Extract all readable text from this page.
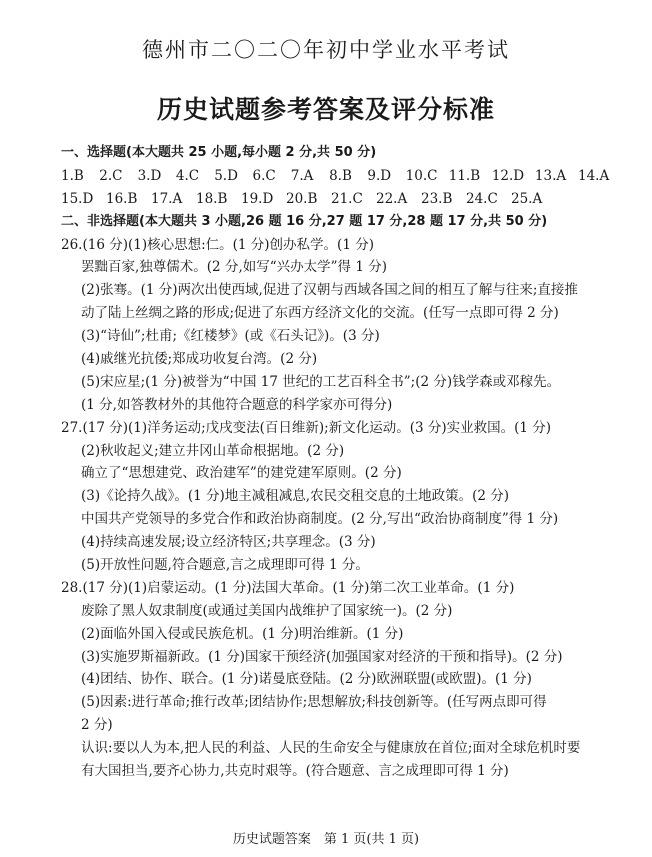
德州市二〇二〇年初中学业水平考试
历史试题参考答案及评分标准
一、选择题(本大题共 25 小题,每小题 2 分,共 50 分)
1.B	2.C	3.D	4.C	5.D	6.C	7.A	8.B	9.D	10.C 11.B 12.D 13.A 14.A
15.D 16.B	17.A	18.B	19.D 20.B	21.C 22.A	23.B	24.C 25.A
二、非选择题(本大题共 3 小题,26 题 16 分,27 题 17 分,28 题 17 分,共 50 分)
26.(16 分)(1)核心思想:仁。(1 分)创办私学。(1 分)
罢黜百家,独尊儒术。(2 分,如写“兴办太学”得 1 分)
(2)张骞。(1 分)两次出使西域,促进了汉朝与西域各国之间的相互了解与往来;直接推
动了陆上丝绸之路的形成;促进了东西方经济文化的交流。(任写一点即可得 2 分)
(3)“诗仙”;杜甫;《红楼梦》(或《石头记》)。(3 分)
(4)戚继光抗倭;郑成功收复台湾。(2 分)
(5)宋应星;(1 分)被誉为“中国 17 世纪的工艺百科全书”;(2 分)钱学森或邓稼先。
(1 分,如答教材外的其他符合题意的科学家亦可得分)
27.(17 分)(1)洋务运动;戊戌变法(百日维新);新文化运动。(3 分)实业救国。(1 分)
(2)秋收起义;建立井冈山革命根据地。(2 分)
确立了“思想建党、政治建军”的建党建军原则。(2 分)
(3)《论持久战》。(1 分)地主减租减息,农民交租交息的土地政策。(2 分)
中国共产党领导的多党合作和政治协商制度。(2 分,写出“政治协商制度”得 1 分)
(4)持续高速发展;设立经济特区;共享理念。(3 分)
(5)开放性问题,符合题意,言之成理即可得 1 分。
28.(17 分)(1)启蒙运动。(1 分)法国大革命。(1 分)第二次工业革命。(1 分)
废除了黑人奴隶制度(或通过美国内战维护了国家统一)。(2 分)
(2)面临外国入侵或民族危机。(1 分)明治维新。(1 分)
(3)实施罗斯福新政。(1 分)国家干预经济(加强国家对经济的干预和指导)。(2 分)
(4)团结、协作、联合。(1 分)诺曼底登陆。(2 分)欧洲联盟(或欧盟)。(1 分)
(5)因素:进行革命;推行改革;团结协作;思想解放;科技创新等。(任写两点即可得
2 分)
认识:要以人为本,把人民的利益、人民的生命安全与健康放在首位;面对全球危机时要
有大国担当,要齐心协力,共克时艰等。(符合题意、言之成理即可得 1 分)
历史试题答案　第 1 页(共 1 页)
